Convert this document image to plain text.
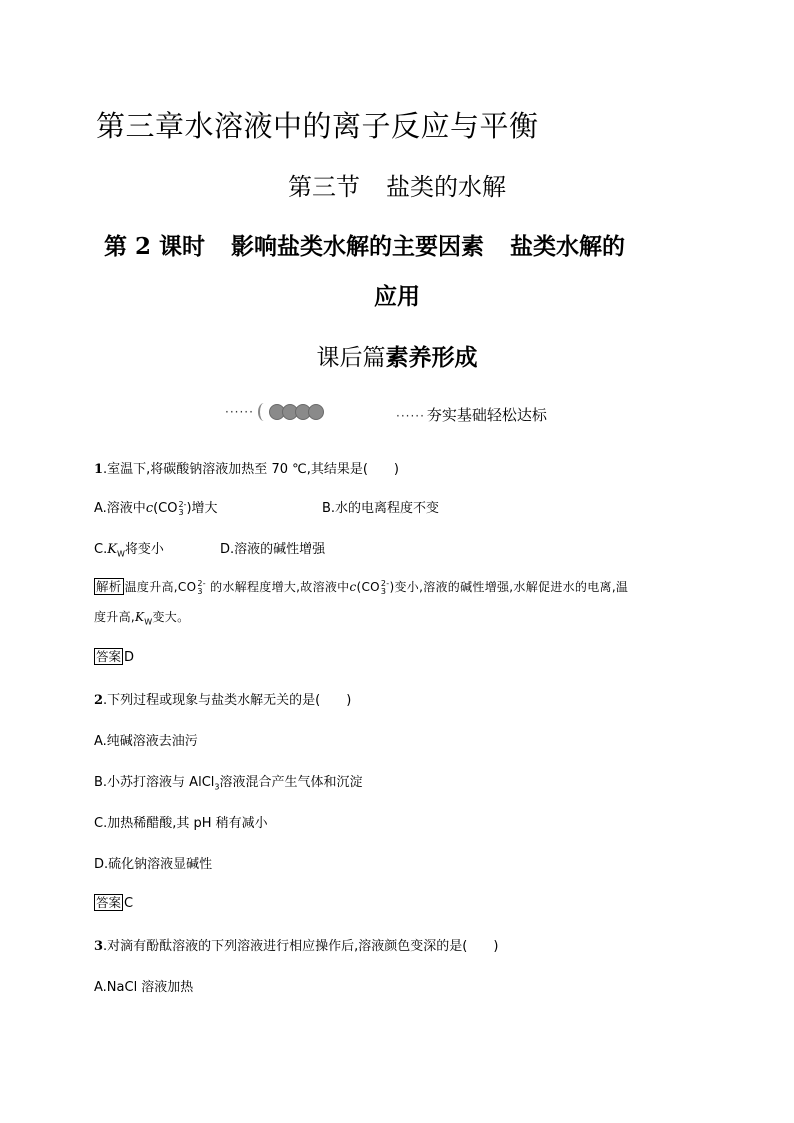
第三章水溶液中的离子反应与平衡
第三节 盐类的水解
第 2 课时 影响盐类水解的主要因素 盐类水解的
应用
课后篇素养形成
······	······ 夯实基础轻松达标
1.室温下,将碳酸钠溶液加热至 70 ℃,其结果是(　　)
A.溶液中c(CO 2-
3 )增大	B.水的电离程度不变
$C.K_W$将变小	D.溶液的碱性增强
解析 温度升高,CO 2-
3 的水解程度增大,故溶液中c(CO 2-
3 )变小,溶液的碱性增强,水解促进水的电离,温
度升高$,K_W$变大。
答案 D
2.下列过程或现象与盐类水解无关的是(　　)
A.纯碱溶液去油污
B.小苏打溶液与 AlCl$_3$溶液混合产生气体和沉淀
C.加热稀醋酸,其 pH 稍有减小
D.硫化钠溶液显碱性
答案 C
3.对滴有酚酞溶液的下列溶液进行相应操作后,溶液颜色变深的是(　　)
A.NaCl 溶液加热
